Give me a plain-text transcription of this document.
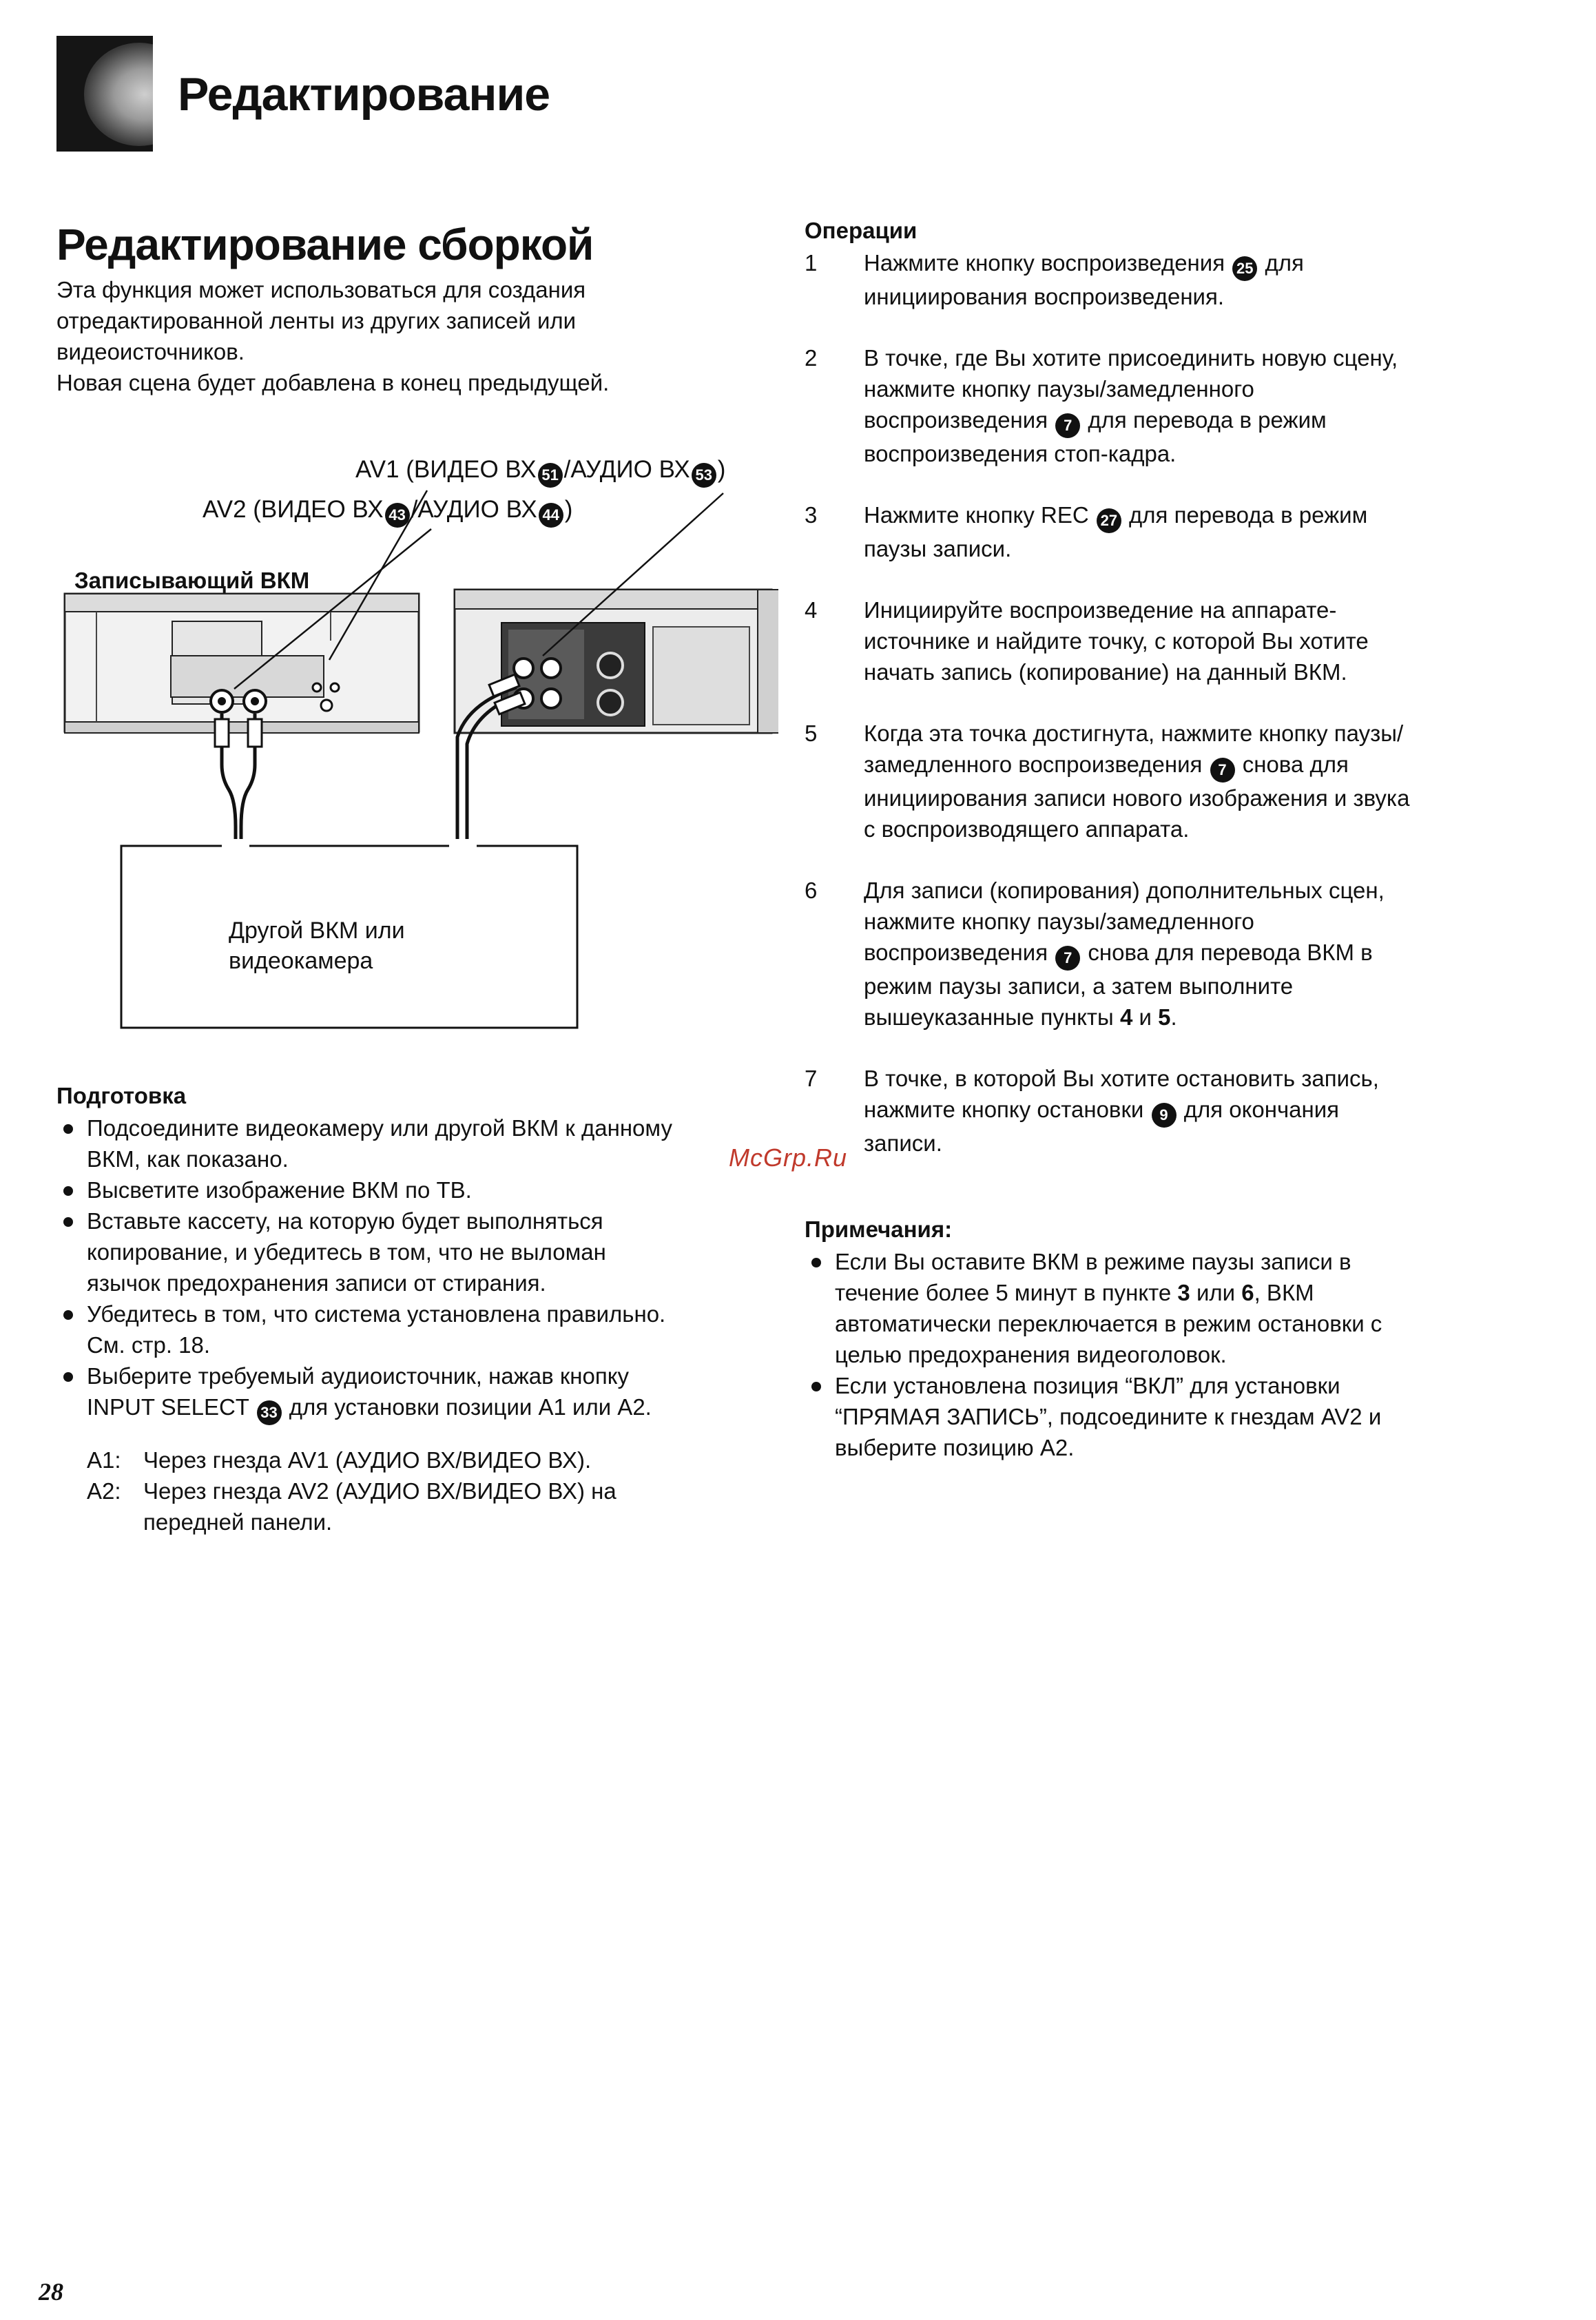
Редактирование
Редактирование сборкой

Эта функция может использоваться для создания

отредактированной ленты из других записей или

видеоисточников.

Новая сцена будет добавлена в конец предыдущей.

AV1 (ВИДЕО ВХ 51 /АУДИО ВХ 53 )
AV2 (ВИДЕО ВХ 43 /АУДИО ВХ 44 )
Записывающий ВКМ
Другой ВКМ или
видеокамера

Подготовка

Подсоедините видеокамеру или другой ВКМ к данному
ВКМ, как показано.
Высветите изображение ВКМ по ТВ.
Вставьте кассету, на которую будет выполняться
копирование, и убедитесь в том, что не выломан
язычок предохранения записи от стирания.
Убедитесь в том, что система установлена правильно.
См. стр. 18.
Выберите требуемый аудиоисточник, нажав кнопку
INPUT SELECT 33 для установки позиции А1 или А2.
А1: Через гнезда AV1 (АУДИО ВХ/ВИДЕО ВХ).
А2: Через гнезда AV2 (АУДИО ВХ/ВИДЕО ВХ) на
передней панели.

Операции

1	Нажмите кнопку воспроизведения 25 для
инициирования воспроизведения.
2	В точке, где Вы хотите присоединить новую сцену,
нажмите кнопку паузы/замедленного
воспроизведения 7 для перевода в режим
воспроизведения стоп-кадра.
3	Нажмите кнопку REC 27 для перевода в режим
паузы записи.
4	Инициируйте воспроизведение на аппарате-
источнике и найдите точку, с которой Вы хотите
начать запись (копирование) на данный ВКМ.
5	Когда эта точка достигнута, нажмите кнопку паузы/
замедленного воспроизведения 7 снова для
инициирования записи нового изображения и звука
с воспроизводящего аппарата.
6	Для записи (копирования) дополнительных сцен,
нажмите кнопку паузы/замедленного
воспроизведения 7 снова для перевода ВКМ в
режим паузы записи, а затем выполните
вышеуказанные пункты 4 и 5.
7	В точке, в которой Вы хотите остановить запись,
нажмите кнопку остановки 9 для окончания
записи.

Примечания:

Если Вы оставите ВКМ в режиме паузы записи в
течение более 5 минут в пункте 3 или 6, ВКМ
автоматически переключается в режим остановки с
целью предохранения видеоголовок.
Если установлена позиция “ВКЛ” для установки
“ПРЯМАЯ ЗАПИСЬ”, подсоедините к гнездам AV2 и
выберите позицию А2.
McGrp.Ru
28
